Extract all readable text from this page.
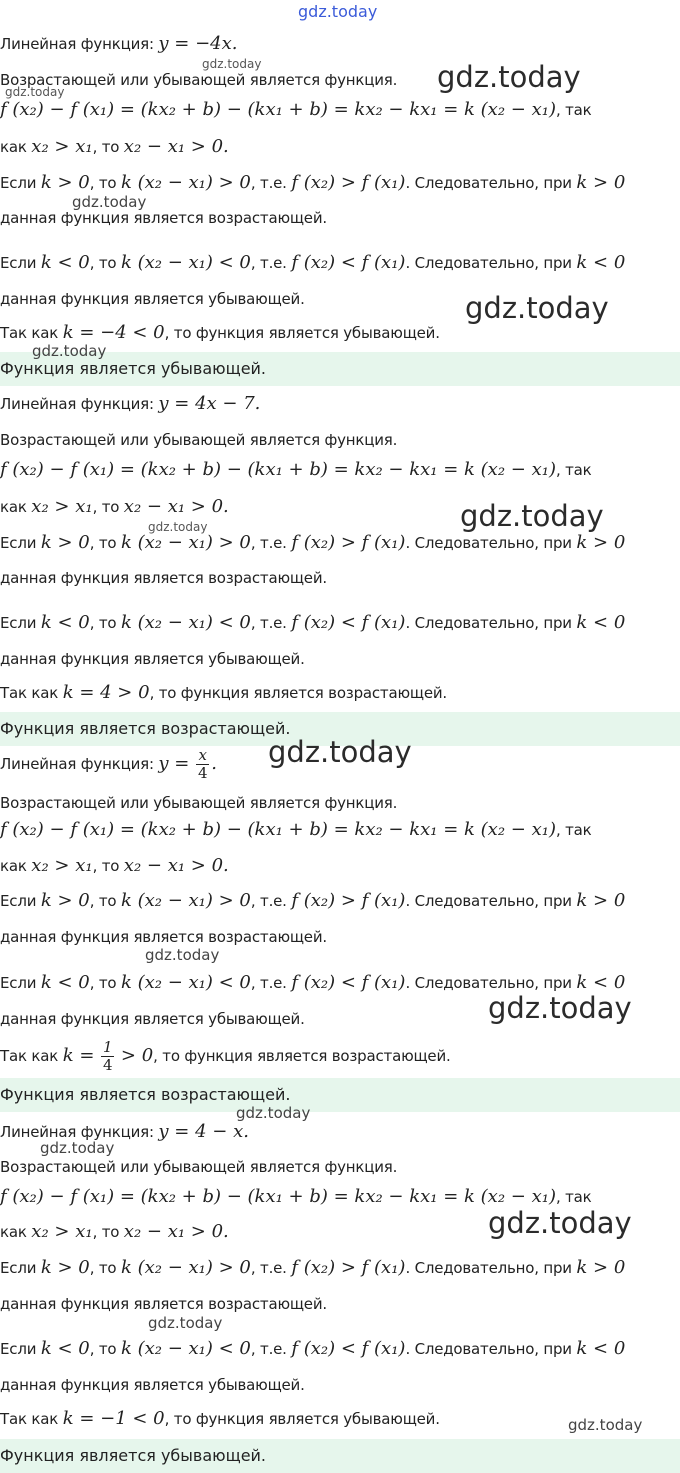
Линейная функция: y = −4x.
Возрастающей или убывающей является функция.
f (x₂) − f (x₁) = (kx₂ + b) − (kx₁ + b) = kx₂ − kx₁ = k (x₂ − x₁), так
как x₂ > x₁, то x₂ − x₁ > 0.
Если k > 0, то k (x₂ − x₁) > 0, т.е. f (x₂) > f (x₁). Следовательно, при k > 0
данная функция является возрастающей.
Если k < 0, то k (x₂ − x₁) < 0, т.е. f (x₂) < f (x₁). Следовательно, при k < 0
данная функция является убывающей.
Так как k = −4 < 0, то функция является убывающей.
Функция является убывающей.
Линейная функция: y = 4x − 7.
Возрастающей или убывающей является функция.
f (x₂) − f (x₁) = (kx₂ + b) − (kx₁ + b) = kx₂ − kx₁ = k (x₂ − x₁), так
как x₂ > x₁, то x₂ − x₁ > 0.
Если k > 0, то k (x₂ − x₁) > 0, т.е. f (x₂) > f (x₁). Следовательно, при k > 0
данная функция является возрастающей.
Если k < 0, то k (x₂ − x₁) < 0, т.е. f (x₂) < f (x₁). Следовательно, при k < 0
данная функция является убывающей.
Так как k = 4 > 0, то функция является возрастающей.
Функция является возрастающей.
Линейная функция: $y = \frac{x}{4}$ .
Возрастающей или убывающей является функция.
f (x₂) − f (x₁) = (kx₂ + b) − (kx₁ + b) = kx₂ − kx₁ = k (x₂ − x₁), так
как x₂ > x₁, то x₂ − x₁ > 0.
Если k > 0, то k (x₂ − x₁) > 0, т.е. f (x₂) > f (x₁). Следовательно, при k > 0
данная функция является возрастающей.
Если k < 0, то k (x₂ − x₁) < 0, т.е. f (x₂) < f (x₁). Следовательно, при k < 0
данная функция является убывающей.
Так как $k = \frac{1}{4} > 0$, то функция является возрастающей.
Функция является возрастающей.
Линейная функция: y = 4 − x.
Возрастающей или убывающей является функция.
f (x₂) − f (x₁) = (kx₂ + b) − (kx₁ + b) = kx₂ − kx₁ = k (x₂ − x₁), так
как x₂ > x₁, то x₂ − x₁ > 0.
Если k > 0, то k (x₂ − x₁) > 0, т.е. f (x₂) > f (x₁). Следовательно, при k > 0
данная функция является возрастающей.
Если k < 0, то k (x₂ − x₁) < 0, т.е. f (x₂) < f (x₁). Следовательно, при k < 0
данная функция является убывающей.
Так как k = −1 < 0, то функция является убывающей.
Функция является убывающей.
gdz.today
gdz.today
gdz.today	gdz.today
gdz.today
gdz.today
gdz.today
gdz.today
gdz.today
gdz.today
gdz.today
gdz.today
gdz.today
gdz.today
gdz.today
gdz.today
gdz.today
